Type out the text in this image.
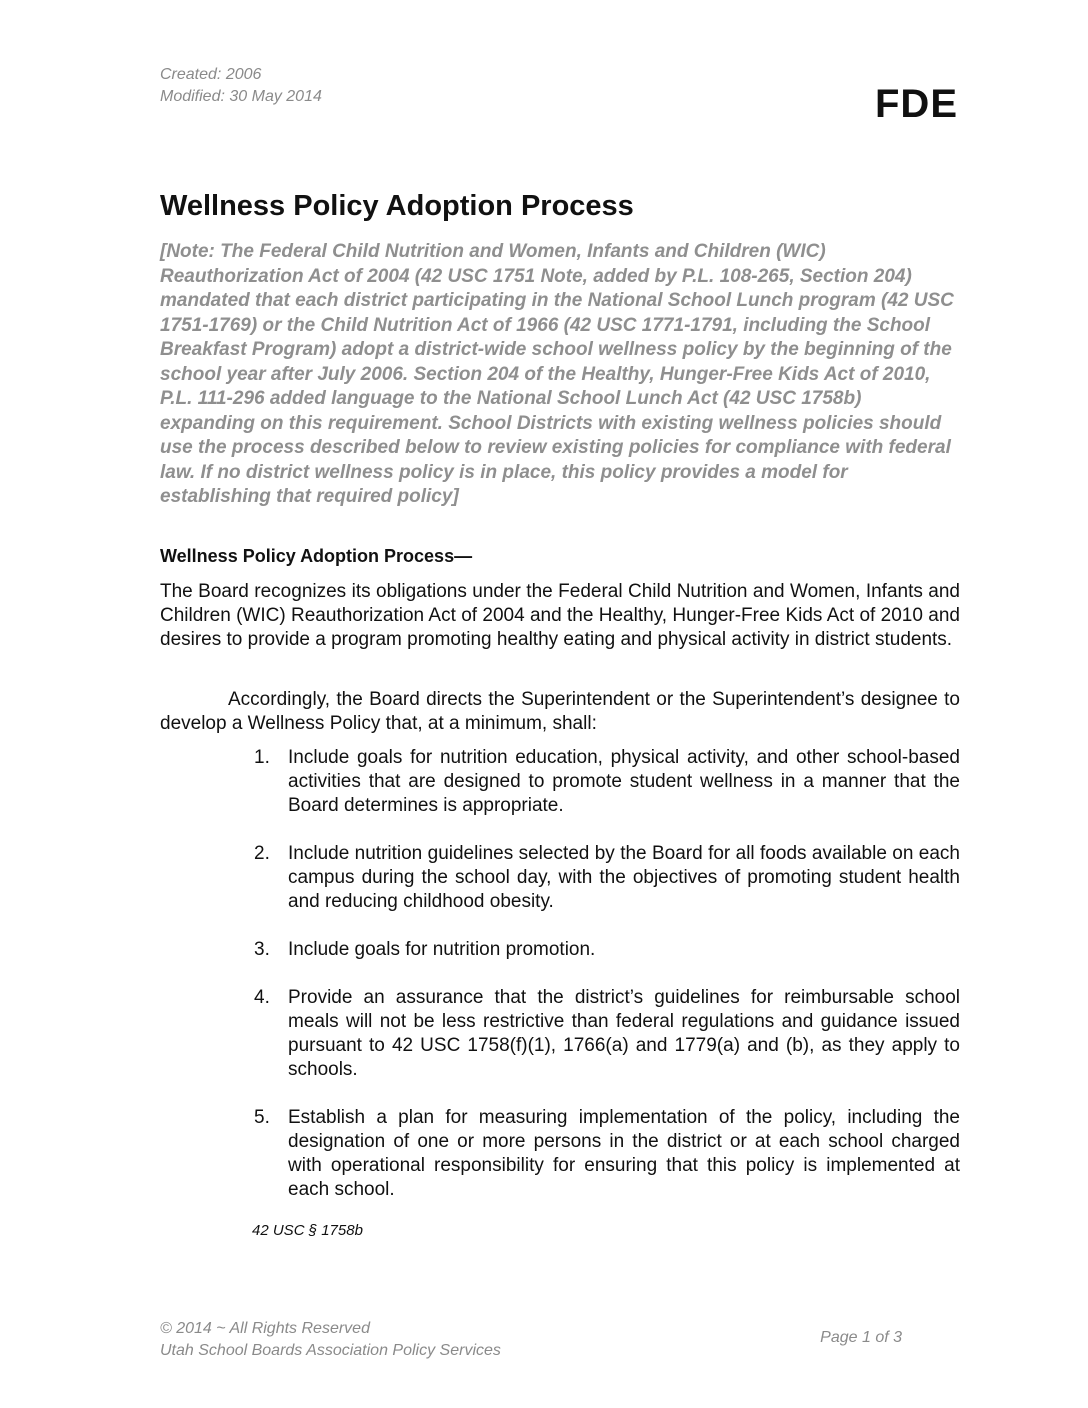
Created: 2006
Modified: 30 May 2014	FDE
Wellness Policy Adoption Process

[Note: The Federal Child Nutrition and Women, Infants and Children (WIC) Reauthorization Act of 2004 (42 USC 1751 Note, added by P.L. 108-265, Section 204) mandated that each district participating in the National School Lunch program (42 USC 1751-1769) or the Child Nutrition Act of 1966 (42 USC 1771-1791, including the School Breakfast Program) adopt a district-wide school wellness policy by the beginning of the school year after July 2006. Section 204 of the Healthy, Hunger-Free Kids Act of 2010, P.L. 111-296 added language to the National School Lunch Act (42 USC 1758b) expanding on this requirement. School Districts with existing wellness policies should use the process described below to review existing policies for compliance with federal law. If no district wellness policy is in place, this policy provides a model for establishing that required policy]

Wellness Policy Adoption Process—

The Board recognizes its obligations under the Federal Child Nutrition and Women, Infants and Children (WIC) Reauthorization Act of 2004 and the Healthy, Hunger-Free Kids Act of 2010 and desires to provide a program promoting healthy eating and physical activity in district students.

Accordingly, the Board directs the Superintendent or the Superintendent’s designee to develop a Wellness Policy that, at a minimum, shall:

1. Include goals for nutrition education, physical activity, and other school-based activities that are designed to promote student wellness in a manner that the Board determines is appropriate.
2. Include nutrition guidelines selected by the Board for all foods available on each campus during the school day, with the objectives of promoting student health and reducing childhood obesity.
3. Include goals for nutrition promotion.
4. Provide an assurance that the district’s guidelines for reimbursable school meals will not be less restrictive than federal regulations and guidance issued pursuant to 42 USC 1758(f)(1), 1766(a) and 1779(a) and (b), as they apply to schools.
5. Establish a plan for measuring implementation of the policy, including the designation of one or more persons in the district or at each school charged with operational responsibility for ensuring that this policy is implemented at each school.
42 USC § 1758b
© 2014 ~ All Rights Reserved
Utah School Boards Association Policy Services
Page 1 of 3
